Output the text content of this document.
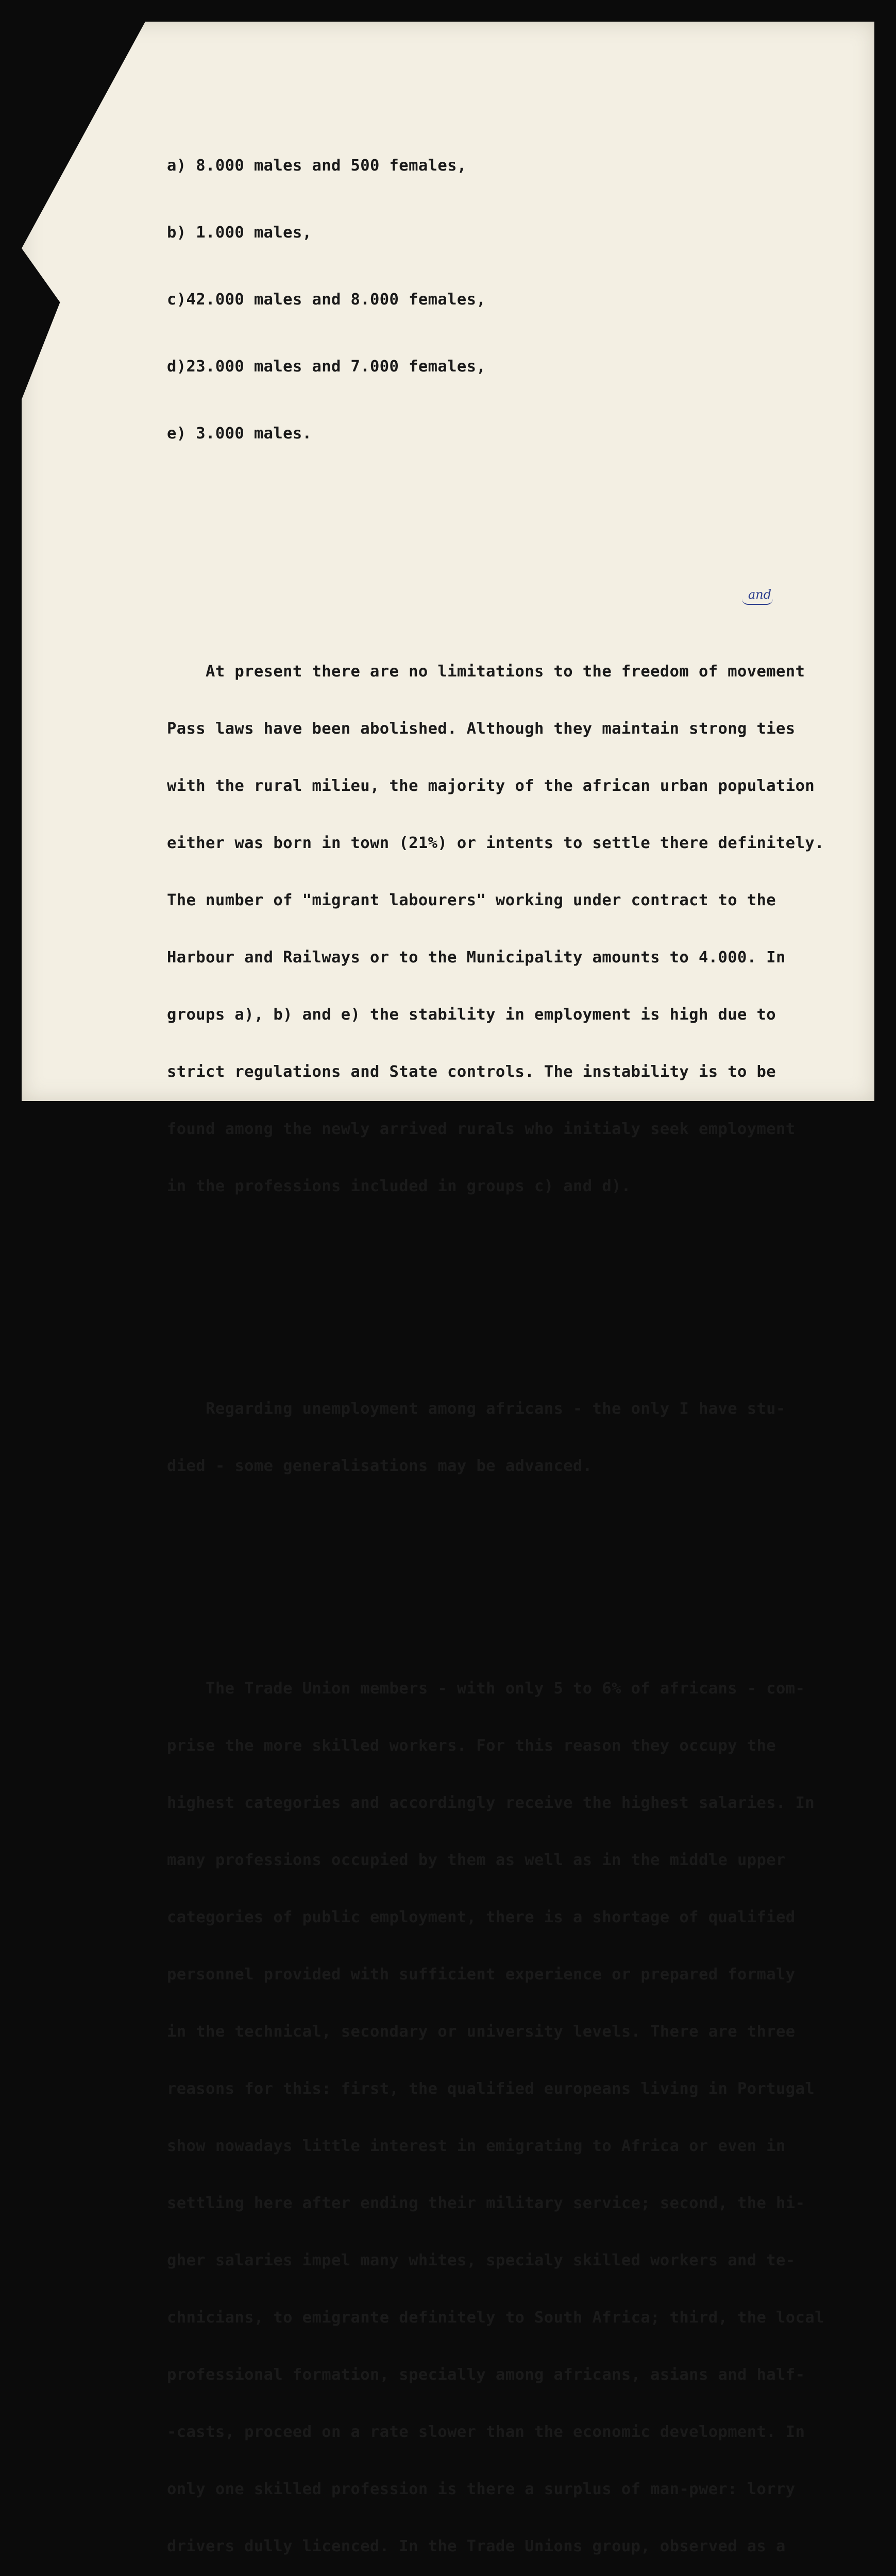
and

a) 8.000 males and 500 females,

b) 1.000 males,

c)42.000 males and 8.000 females,

d)23.000 males and 7.000 females,

e) 3.000 males.

At present there are no limitations to the freedom of movement

Pass laws have been abolished. Although they maintain strong ties

with the rural milieu, the majority of the african urban population

either was born in town (21%) or intents to settle there definitely.

The number of "migrant labourers" working under contract to the

Harbour and Railways or to the Municipality amounts to 4.000. In

groups a), b) and e) the stability in employment is high due to

strict regulations and State controls. The instability is to be

found among the newly arrived rurals who initialy seek employment

in the professions included in groups c) and d).

Regarding unemployment among africans - the only I have stu-

died - some generalisations may be advanced.

The Trade Union members - with only 5 to 6% of africans - com-

prise the more skilled workers. For this reason they occupy the

highest categories and accordingly receive the highest salaries. In

many professions occupied by them as well as in the middle upper

categories of public employment, there is a shortage of qualified

personnel provided with sufficient experience or prepared formaly

in the technical, secondary or university levels. There are three

reasons for this: first, the qualified europeans living in Portugal

show nowadays little interest in emigrating to Africa or even in

settling here after ending their military service; second, the hi-

gher salaries impel many whites, specialy skilled workers and te-

chnicians, to emigrante definitely to South Africa; third, the local

professional formation, specially among africans, asians and half-

-casts, proceed on a rate slower than the economic development. In

only one skilled profession is there a surplus of man-pwer: lorry

drivers dully licenced. In the Trade Unions group, observed as a
